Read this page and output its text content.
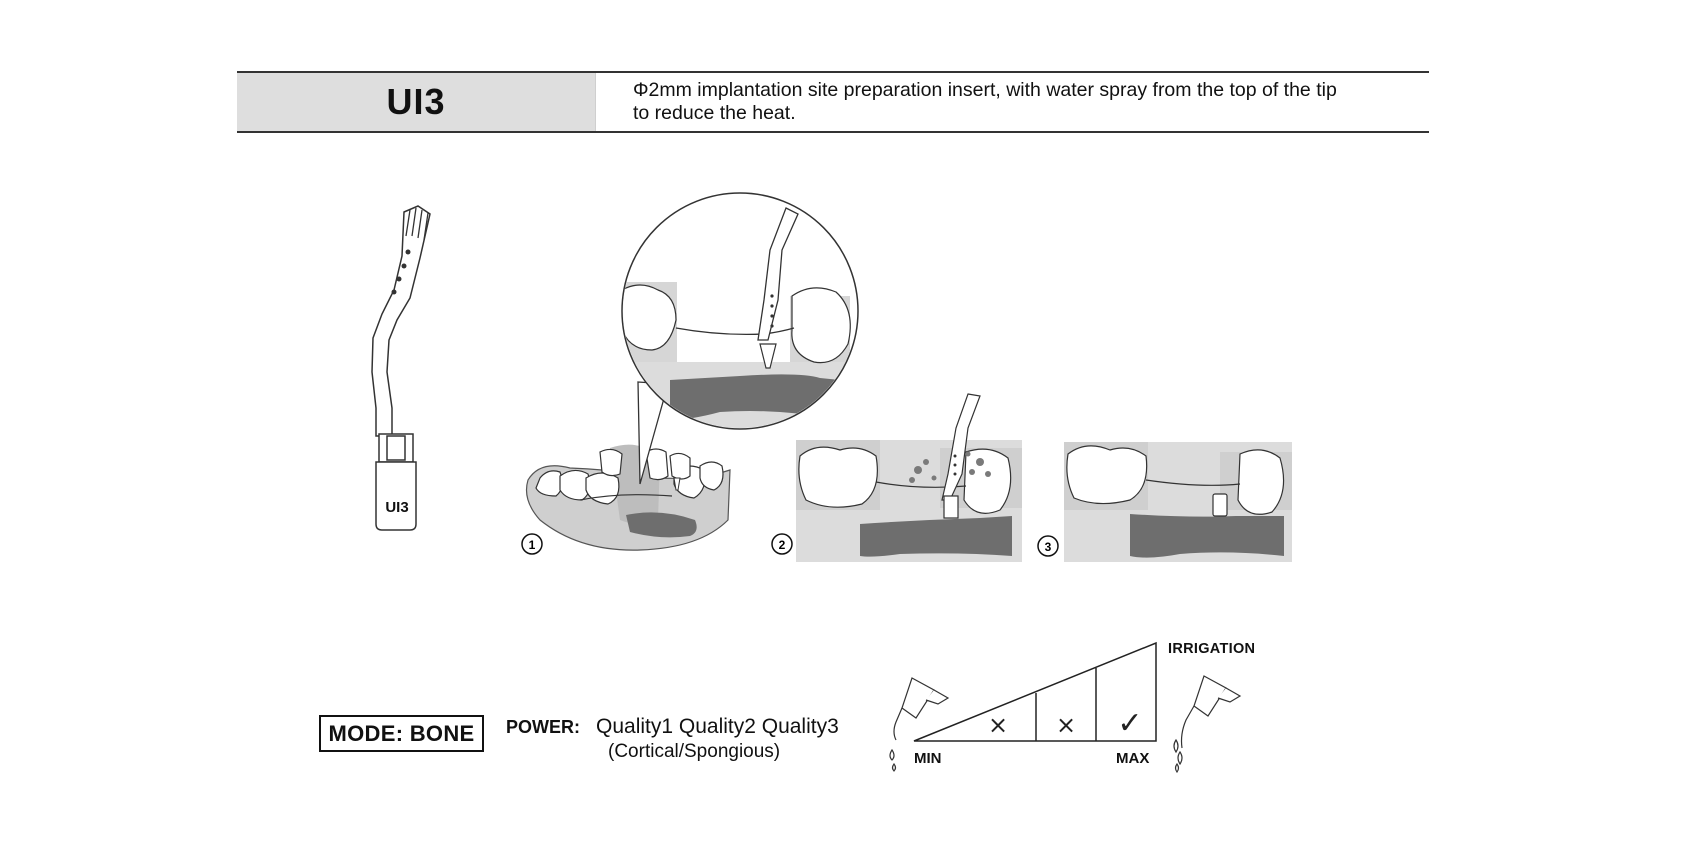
UI3	Φ2mm implantation site preparation insert, with water spray from the top of the tip
to reduce the heat.
UI3
1	2	3
× × ✓
MODE: BONE	POWER: Quality1 Quality2 Quality3
(Cortical/Spongious)
IRRIGATION
MIN	MAX
